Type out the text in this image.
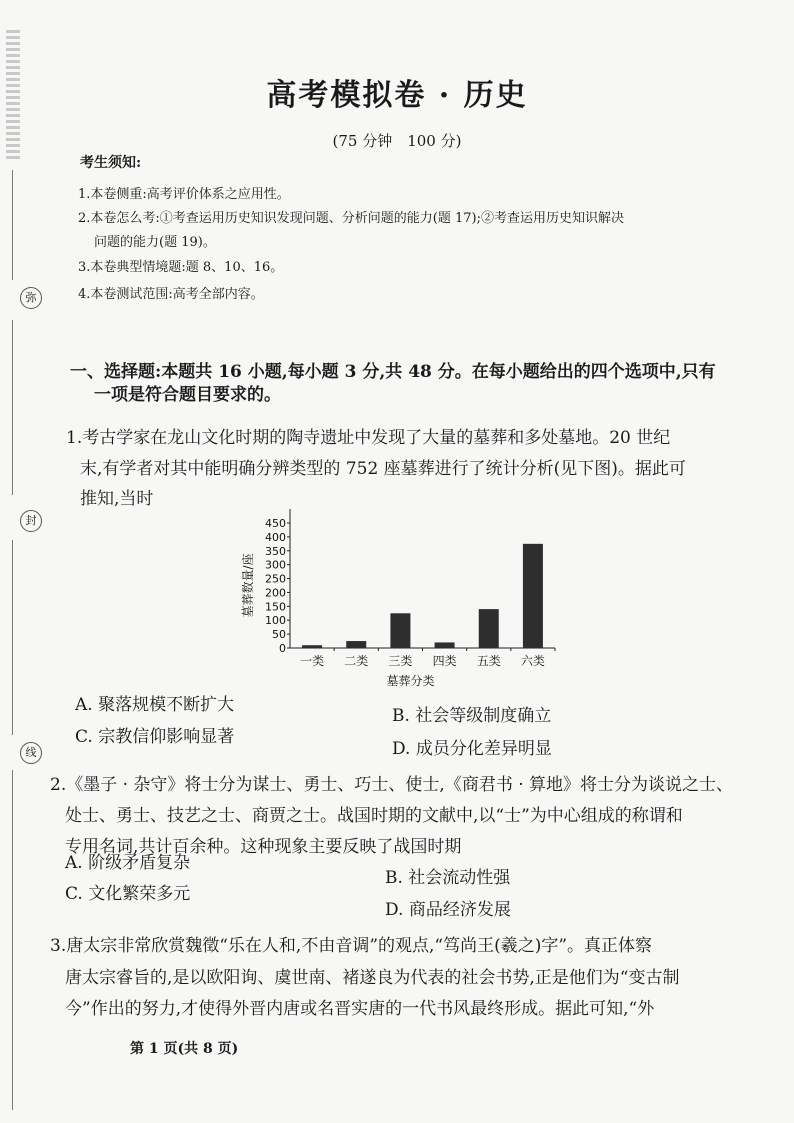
弥
封
线
高考模拟卷 · 历史
(75 分钟　100 分)
考生须知:
1.本卷侧重:高考评价体系之应用性。
2.本卷怎么考:①考查运用历史知识发现问题、分析问题的能力(题 17);②考查运用历史知识解决
问题的能力(题 19)。
3.本卷典型情境题:题 8、10、16。
4.本卷测试范围:高考全部内容。
一、选择题:本题共 16 小题,每小题 3 分,共 48 分。在每小题给出的四个选项中,只有
一项是符合题目要求的。
1.考古学家在龙山文化时期的陶寺遗址中发现了大量的墓葬和多处墓地。20 世纪
末,有学者对其中能明确分辨类型的 752 座墓葬进行了统计分析(见下图)。据此可
推知,当时
0
50
100
150
200
250
300
350
400
450
一类 二类 三类 四类 五类 六类
墓葬分类
墓葬数量/座
A. 聚落规模不断扩大
B. 社会等级制度确立
C. 宗教信仰影响显著
D. 成员分化差异明显
2.《墨子 · 杂守》将士分为谋士、勇士、巧士、使士,《商君书 · 算地》将士分为谈说之士、
处士、勇士、技艺之士、商贾之士。战国时期的文献中,以“士”为中心组成的称谓和
专用名词,共计百余种。这种现象主要反映了战国时期
A. 阶级矛盾复杂
B. 社会流动性强
C. 文化繁荣多元
D. 商品经济发展
3.唐太宗非常欣赏魏徵“乐在人和,不由音调”的观点,“笃尚王(羲之)字”。真正体察
唐太宗睿旨的,是以欧阳询、虞世南、褚遂良为代表的社会书势,正是他们为“变古制
今”作出的努力,才使得外晋内唐或名晋实唐的一代书风最终形成。据此可知,“外
第 1 页(共 8 页)
